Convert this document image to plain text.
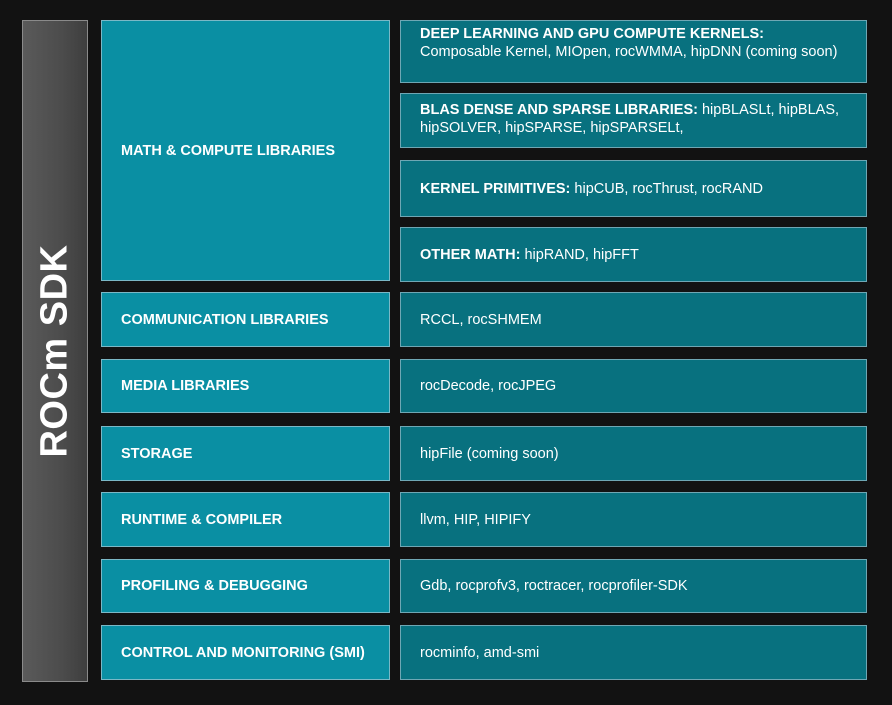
ROCm SDK
MATH & COMPUTE LIBRARIES
COMMUNICATION LIBRARIES
MEDIA LIBRARIES
STORAGE
RUNTIME & COMPILER
PROFILING & DEBUGGING
CONTROL AND MONITORING (SMI)
DEEP LEARNING AND GPU COMPUTE KERNELS:
Composable Kernel, MIOpen, rocWMMA, hipDNN (coming soon)
BLAS DENSE AND SPARSE LIBRARIES: hipBLASLt, hipBLAS, hipSOLVER, hipSPARSE, hipSPARSELt,
KERNEL PRIMITIVES: hipCUB, rocThrust, rocRAND
OTHER MATH: hipRAND, hipFFT
RCCL, rocSHMEM
rocDecode, rocJPEG
hipFile (coming soon)
llvm, HIP, HIPIFY
Gdb, rocprofv3, roctracer, rocprofiler-SDK
rocminfo, amd-smi
